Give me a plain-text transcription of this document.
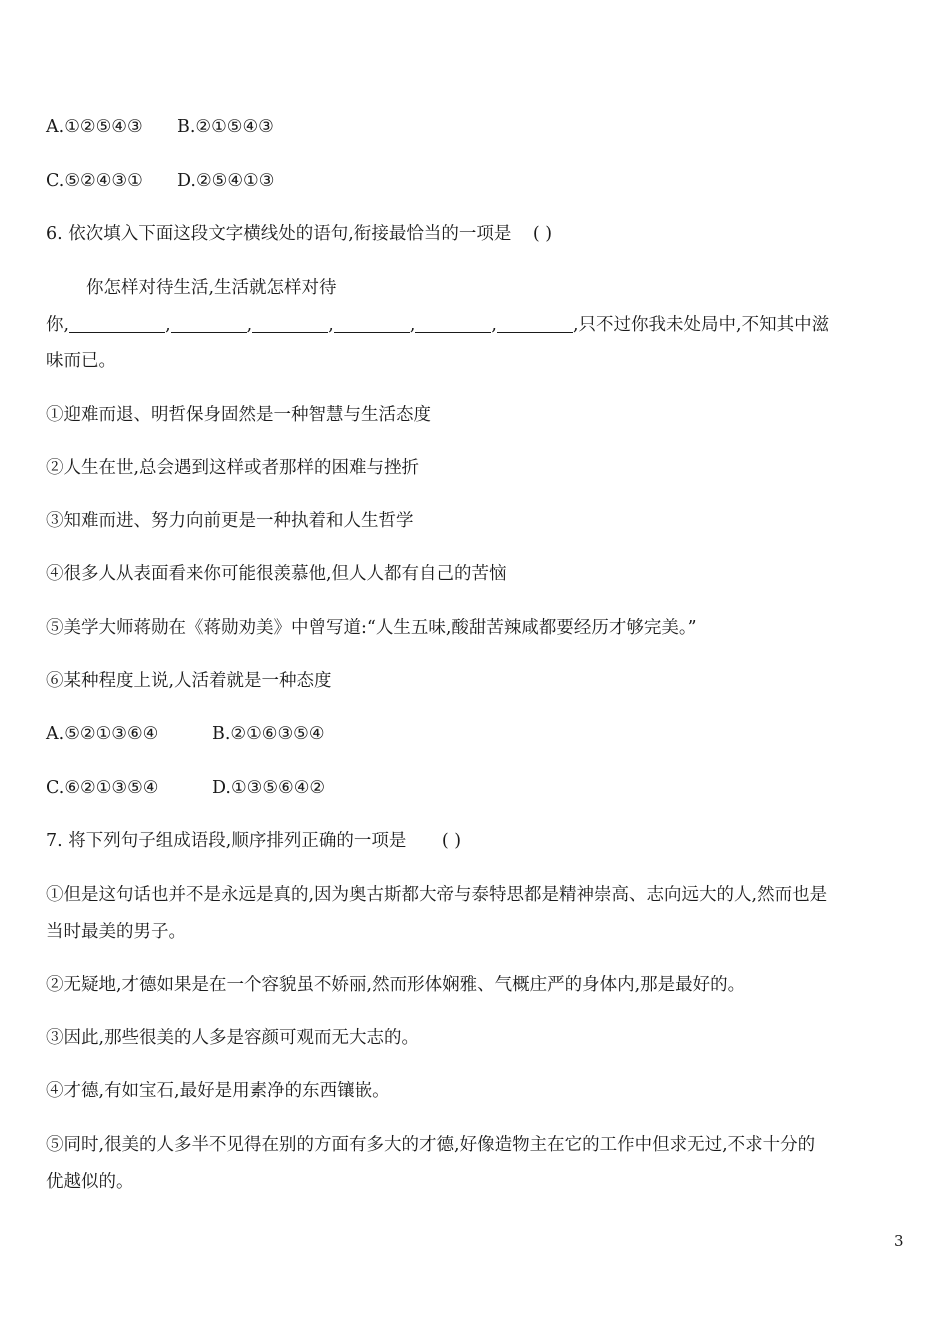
A.①②⑤④③ B.②①⑤④③
C.⑤②④③① D.②⑤④①③
6. 依次填入下面这段文字横线处的语句,衔接最恰当的一项是 ( )
你怎样对待生活,生活就怎样对待
你,	,	,	,	,	,	,只不过你我未处局中,不知其中滋
味而已。
①迎难而退、明哲保身固然是一种智慧与生活态度
②人生在世,总会遇到这样或者那样的困难与挫折
③知难而进、努力向前更是一种执着和人生哲学
④很多人从表面看来你可能很羡慕他,但人人都有自己的苦恼
⑤美学大师蒋勋在《蒋勋劝美》中曾写道:“人生五味,酸甜苦辣咸都要经历才够完美。”
⑥某种程度上说,人活着就是一种态度
A.⑤②①③⑥④	B.②①⑥③⑤④
C.⑥②①③⑤④	D.①③⑤⑥④②
7. 将下列句子组成语段,顺序排列正确的一项是 ( )
①但是这句话也并不是永远是真的,因为奥古斯都大帝与泰特思都是精神崇高、志向远大的人,然而也是
当时最美的男子。
②无疑地,才德如果是在一个容貌虽不娇丽,然而形体娴雅、气概庄严的身体内,那是最好的。
③因此,那些很美的人多是容颜可观而无大志的。
④才德,有如宝石,最好是用素净的东西镶嵌。
⑤同时,很美的人多半不见得在别的方面有多大的才德,好像造物主在它的工作中但求无过,不求十分的
优越似的。
3
